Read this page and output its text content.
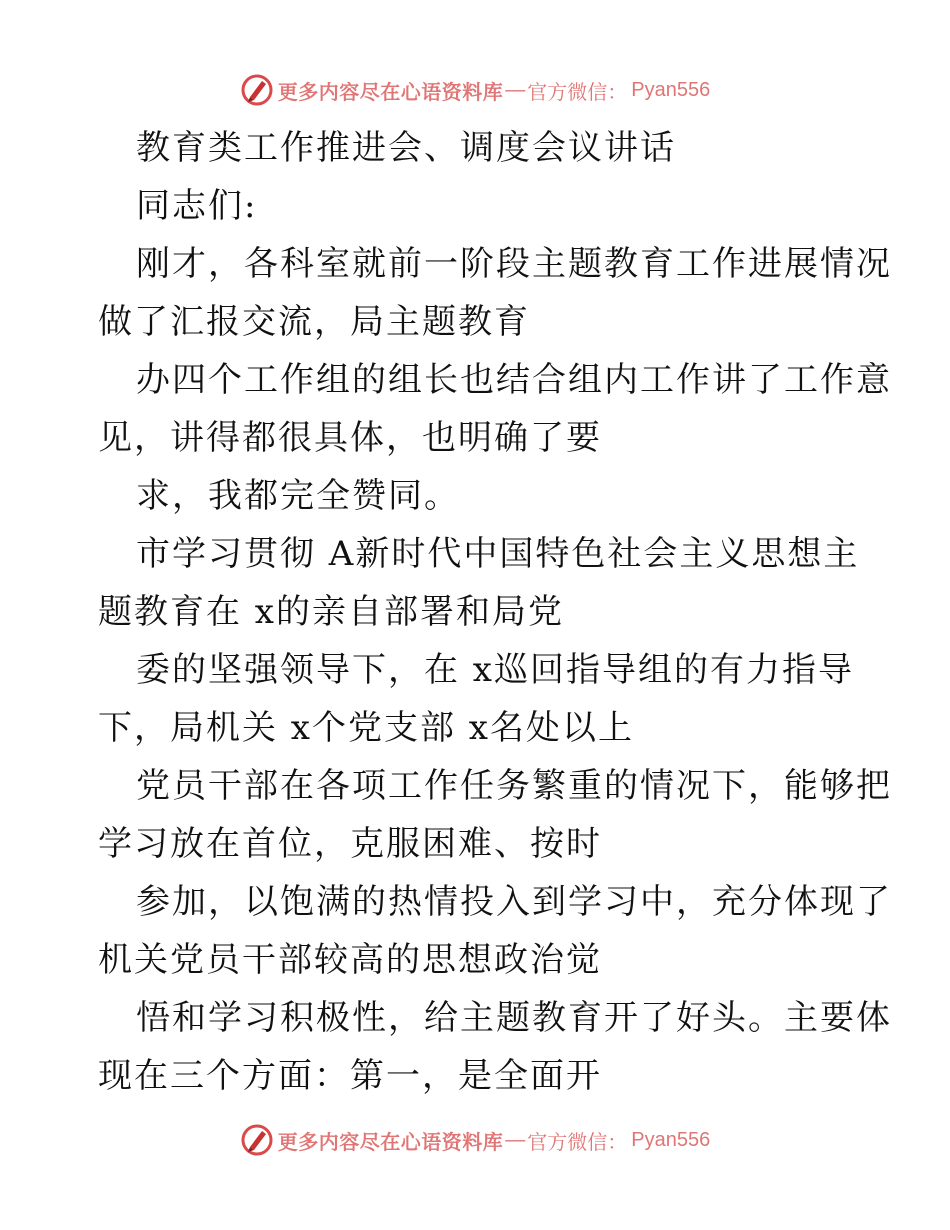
更多内容尽在心语资料库 — 官方微信： Pyan556
教育类工作推进会、调度会议讲话
同志们:
刚才，各科室就前一阶段主题教育工作进展情况
做了汇报交流，局主题教育
办四个工作组的组长也结合组内工作讲了工作意
见，讲得都很具体，也明确了要
求，我都完全赞同。
市学习贯彻 A新时代中国特色社会主义思想主
题教育在 x的亲自部署和局党
委的坚强领导下，在 x巡回指导组的有力指导
下，局机关 x个党支部 x名处以上
党员干部在各项工作任务繁重的情况下，能够把
学习放在首位，克服困难、按时
参加，以饱满的热情投入到学习中，充分体现了
机关党员干部较高的思想政治觉
悟和学习积极性，给主题教育开了好头。主要体
现在三个方面：第一，是全面开
更多内容尽在心语资料库 — 官方微信： Pyan556
